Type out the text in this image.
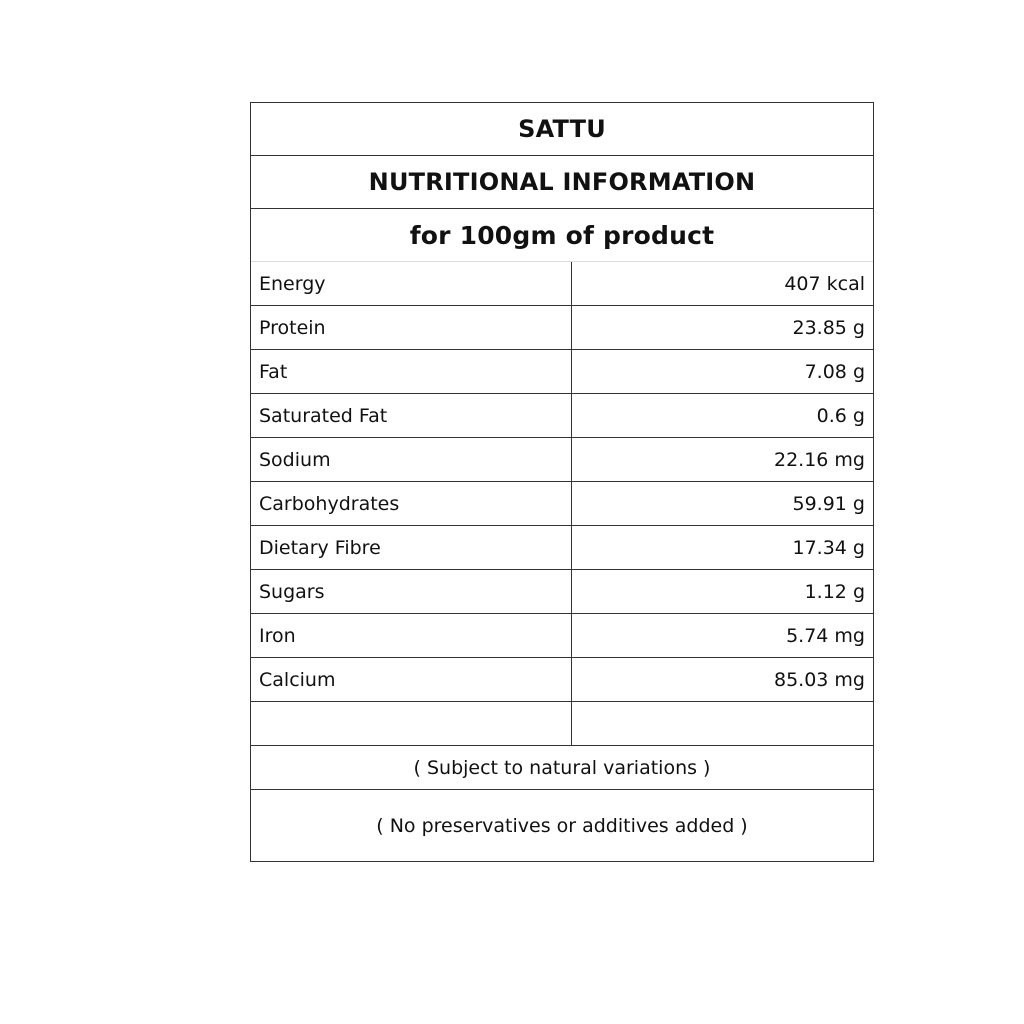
SATTU
NUTRITIONAL INFORMATION
for 100gm of product
Energy	407 kcal
Protein	23.85 g
Fat	7.08 g
Saturated Fat	0.6 g
Sodium	22.16 mg
Carbohydrates	59.91 g
Dietary Fibre	17.34 g
Sugars	1.12 g
Iron	5.74 mg
Calcium	85.03 mg
( Subject to natural variations )
( No preservatives or additives added )
